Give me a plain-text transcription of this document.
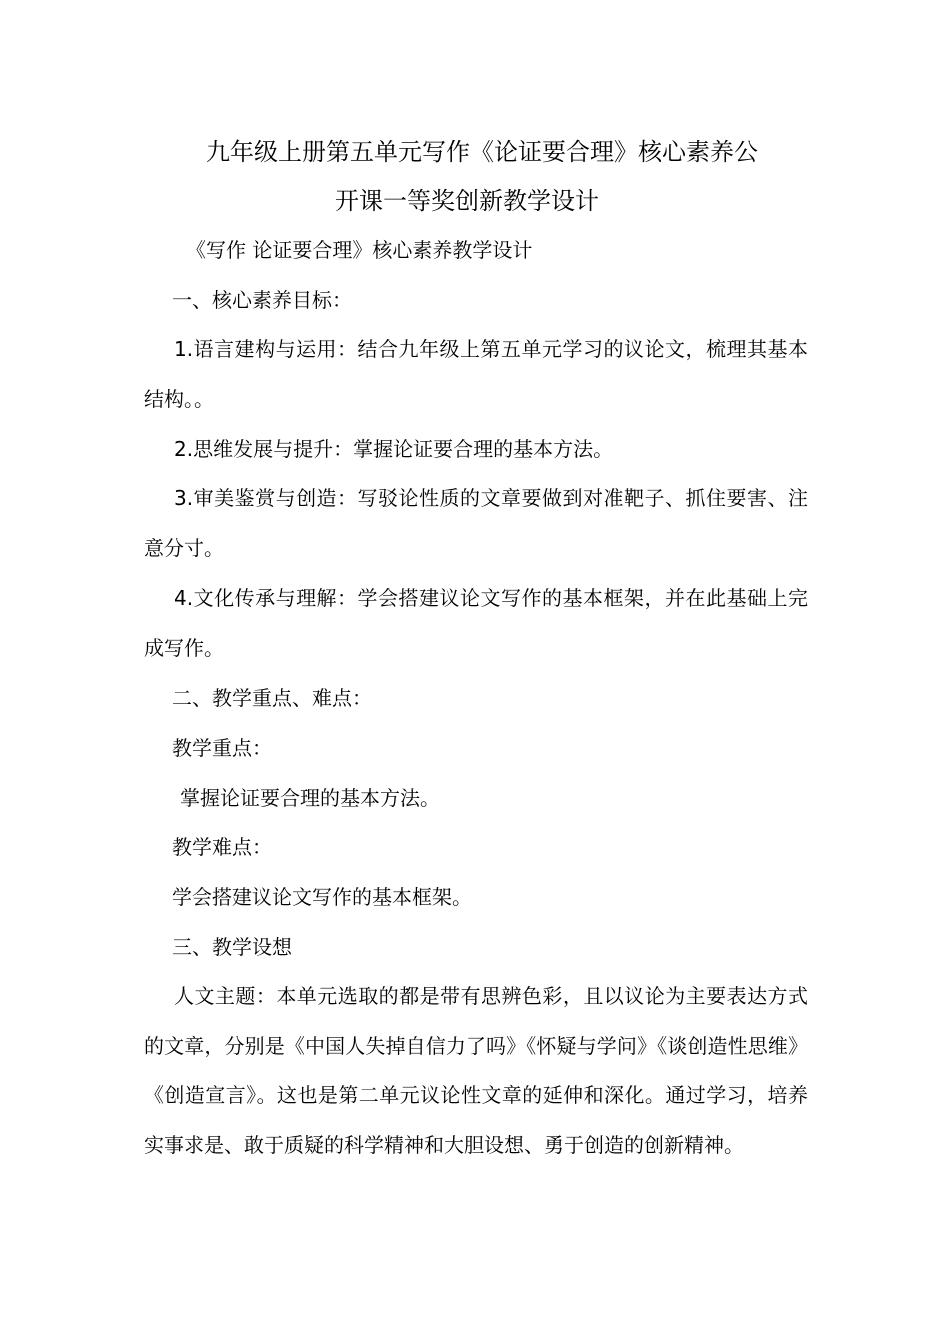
九年级上册第五单元写作《论证要合理》核心素养公
开课一等奖创新教学设计
《写作 论证要合理》核心素养教学设计
一、核心素养目标：
1.语言建构与运用：结合九年级上第五单元学习的议论文，梳理其基本结构。。
2.思维发展与提升：掌握论证要合理的基本方法。
3.审美鉴赏与创造：写驳论性质的文章要做到对准靶子、抓住要害、注意分寸。
4.文化传承与理解：学会搭建议论文写作的基本框架，并在此基础上完成写作。
二、教学重点、难点：
教学重点：
掌握论证要合理的基本方法。
教学难点：
学会搭建议论文写作的基本框架。
三、教学设想
人文主题：本单元选取的都是带有思辨色彩，且以议论为主要表达方式的文章，分别是《中国人失掉自信力了吗》《怀疑与学问》《谈创造性思维》《创造宣言》。这也是第二单元议论性文章的延伸和深化。通过学习，培养实事求是、敢于质疑的科学精神和大胆设想、勇于创造的创新精神。
